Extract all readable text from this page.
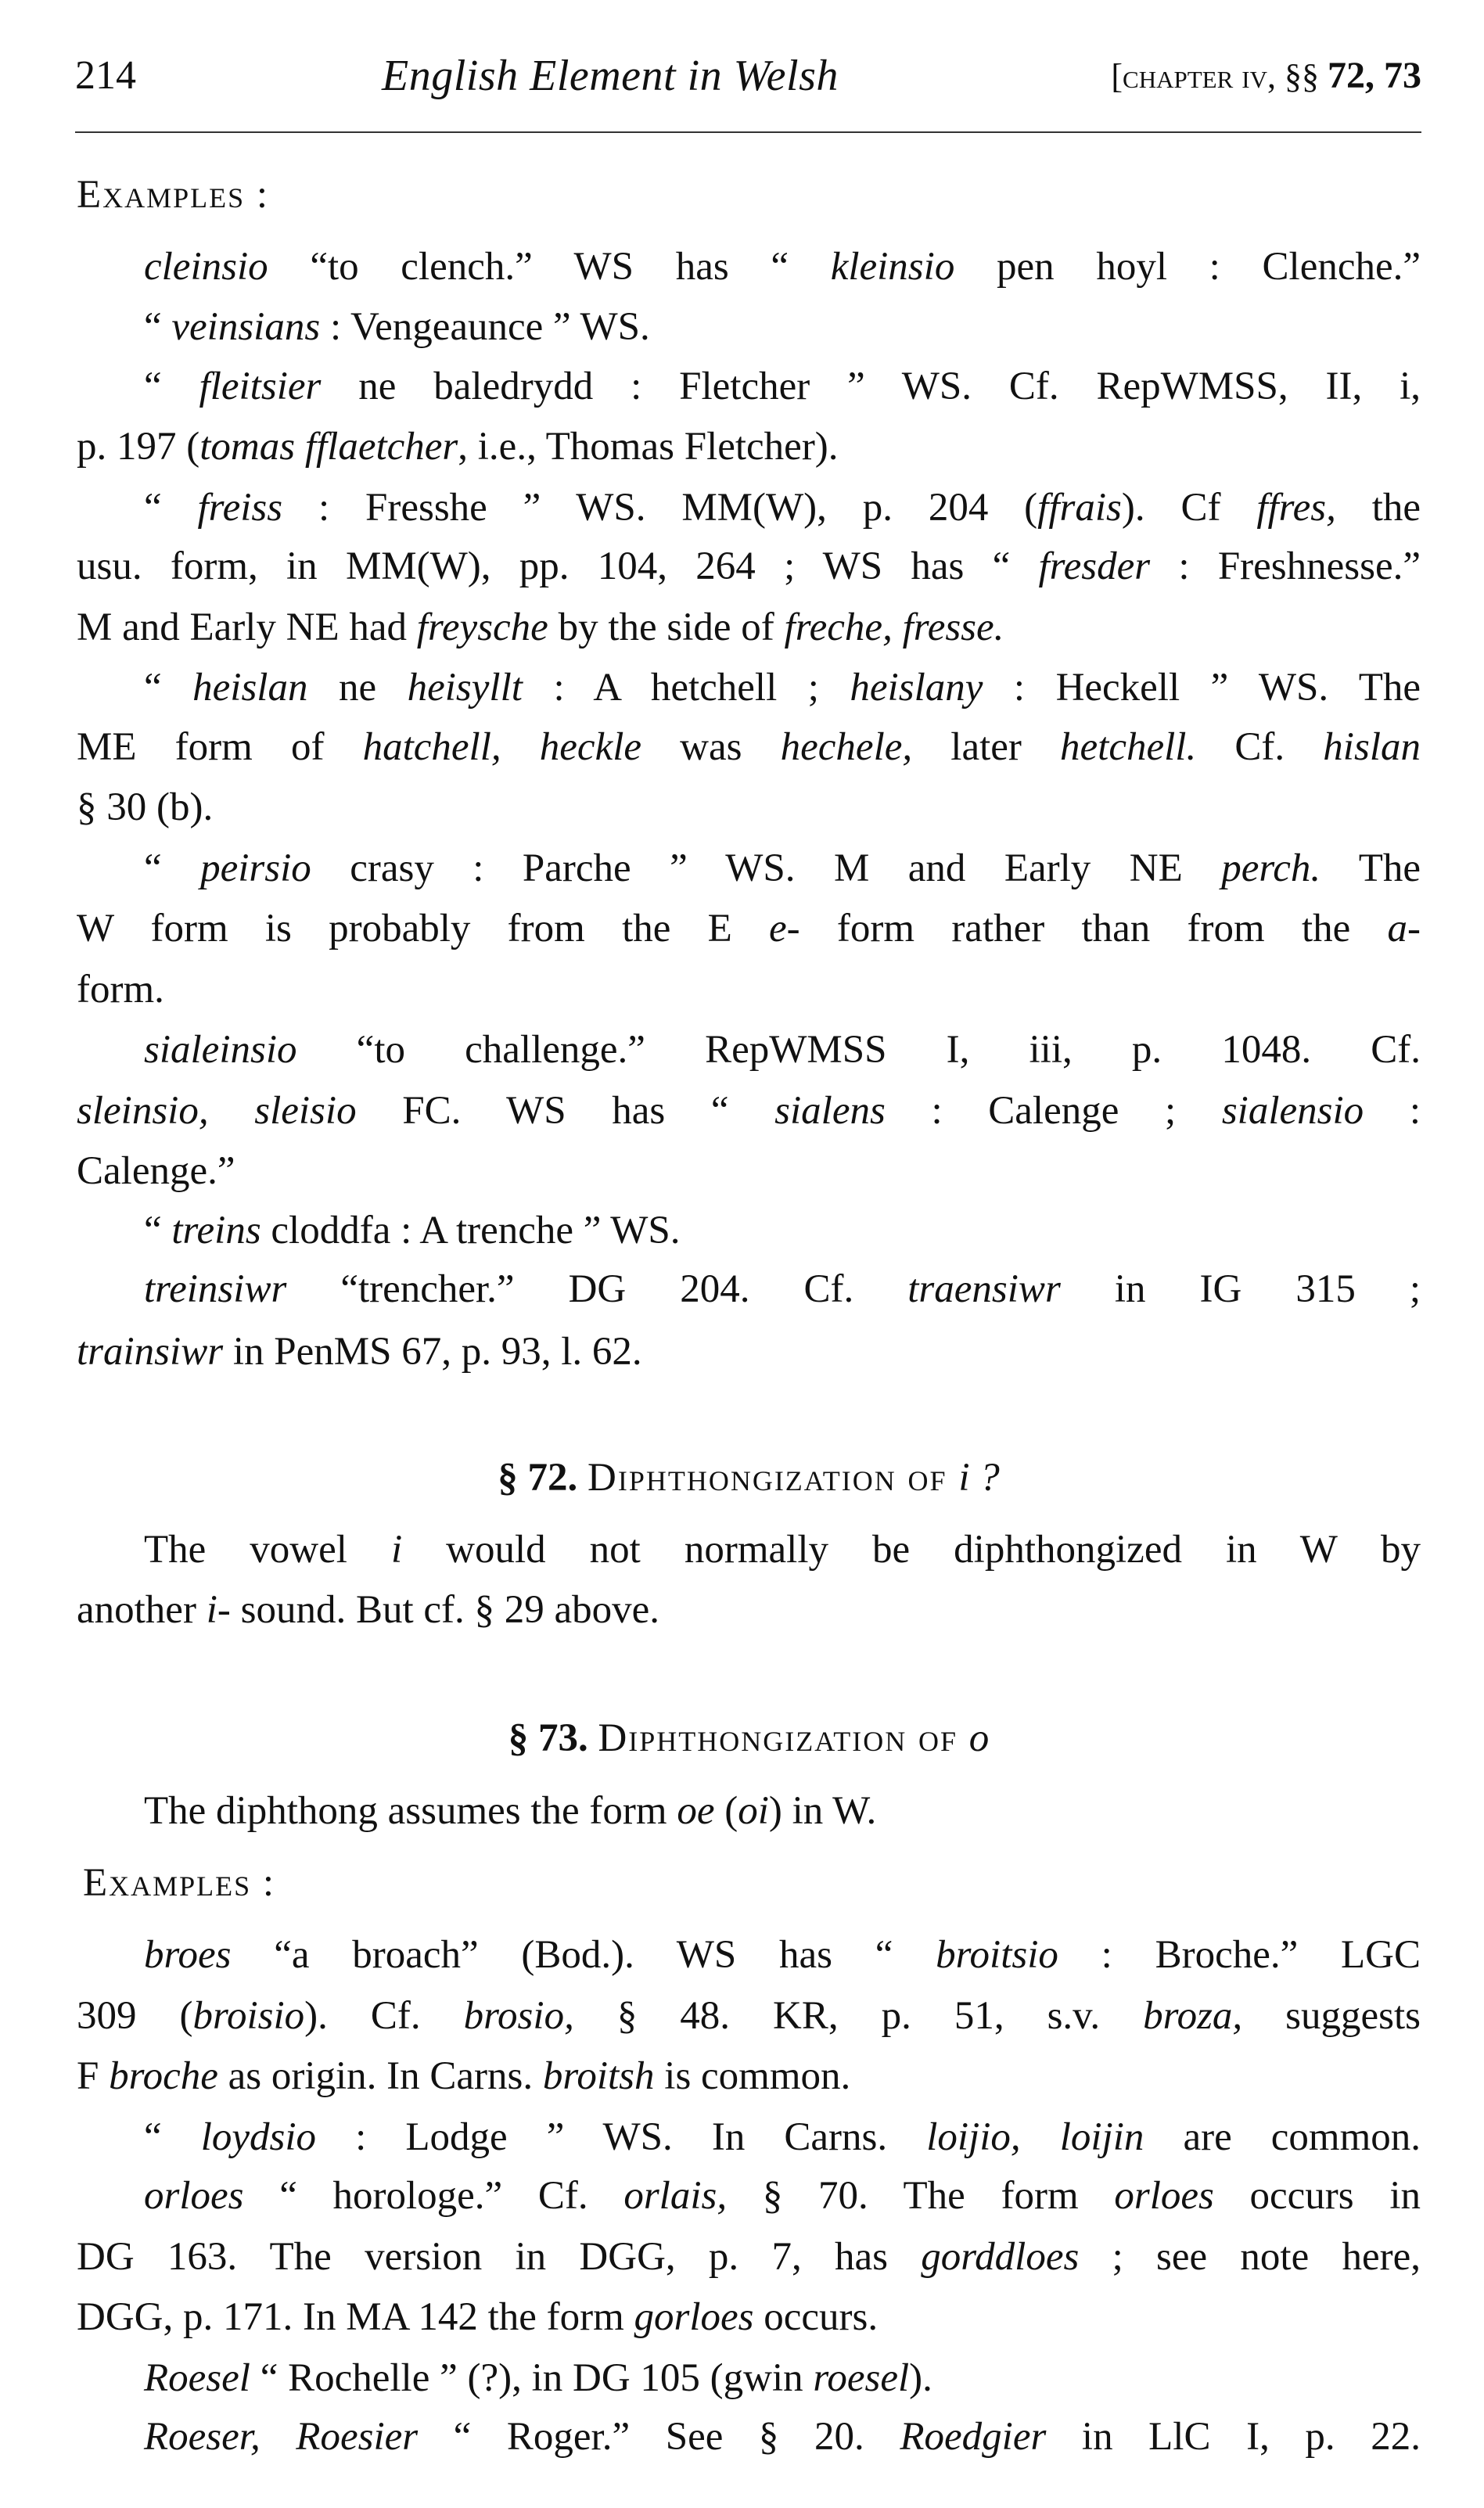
214	English Element in Welsh	[chapter iv, §§ 72, 73
Examples :
cleinsio “to clench.” WS has “ kleinsio pen hoyl : Clenche.”
“ veinsians : Vengeaunce ” WS.
“ fleitsier ne baledrydd : Fletcher ” WS. Cf. RepWMSS, II, i,
p. 197 (tomas fflaetcher, i.e., Thomas Fletcher).
“ freiss : Fresshe ” WS. MM(W), p. 204 (ffrais). Cf ffres, the
usu. form, in MM(W), pp. 104, 264 ; WS has “ fresder : Freshnesse.”
M and Early NE had freysche by the side of freche, fresse.
“ heislan ne heisyllt : A hetchell ; heislany : Heckell ” WS. The
ME form of hatchell, heckle was hechele, later hetchell. Cf. hislan
§ 30 (b).
“ peirsio crasy : Parche ” WS. M and Early NE perch. The
W form is probably from the E e- form rather than from the a-
form.
sialeinsio “to challenge.” RepWMSS I, iii, p. 1048. Cf.
sleinsio, sleisio FC. WS has “ sialens : Calenge ; sialensio :
Calenge.”
“ treins cloddfa : A trenche ” WS.
treinsiwr “trencher.” DG 204. Cf. traensiwr in IG 315 ;
trainsiwr in PenMS 67, p. 93, l. 62.
§ 72. Diphthongization of i ?
The vowel i would not normally be diphthongized in W by
another i- sound. But cf. § 29 above.
§ 73. Diphthongization of o
The diphthong assumes the form oe (oi) in W.
Examples :
broes “a broach” (Bod.). WS has “ broitsio : Broche.” LGC
309 (broisio). Cf. brosio, § 48. KR, p. 51, s.v. broza, suggests
F broche as origin. In Carns. broitsh is common.
“ loydsio : Lodge ” WS. In Carns. loijio, loijin are common.
orloes “ horologe.” Cf. orlais, § 70. The form orloes occurs in
DG 163. The version in DGG, p. 7, has gorddloes ; see note here,
DGG, p. 171. In MA 142 the form gorloes occurs.
Roesel “ Rochelle ” (?), in DG 105 (gwin roesel).
Roeser, Roesier “ Roger.” See § 20. Roedgier in LlC I, p. 22.
